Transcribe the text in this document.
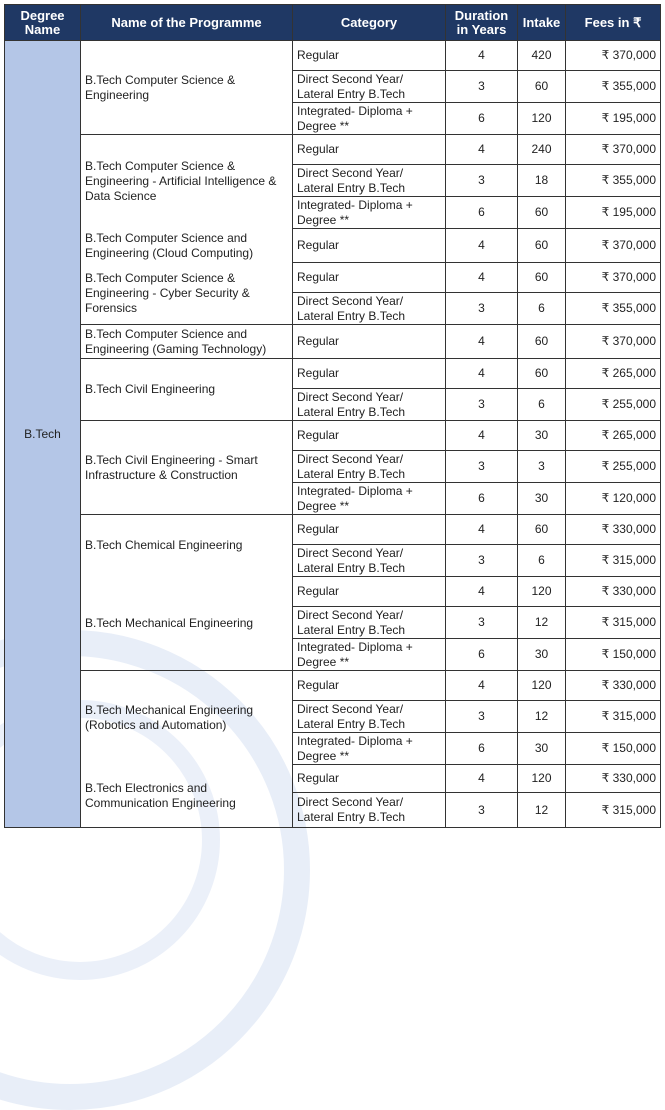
Degree Name	Name of the Programme	Category	Duration in Years	Intake	Fees in ₹
B.Tech	B.Tech Computer Science & Engineering	Regular	4	420	₹ 370,000
		Direct Second Year/ Lateral Entry B.Tech	3	60	₹ 355,000
		Integrated- Diploma + Degree **	6	120	₹ 195,000
	B.Tech Computer Science & Engineering - Artificial Intelligence & Data Science	Regular	4	240	₹ 370,000
		Direct Second Year/ Lateral Entry B.Tech	3	18	₹ 355,000
		Integrated- Diploma + Degree **	6	60	₹ 195,000
	B.Tech Computer Science and Engineering (Cloud Computing)	Regular	4	60	₹ 370,000
	B.Tech Computer Science & Engineering - Cyber Security & Forensics	Regular	4	60	₹ 370,000
		Direct Second Year/ Lateral Entry B.Tech	3	6	₹ 355,000
	B.Tech Computer Science and Engineering (Gaming Technology)	Regular	4	60	₹ 370,000
	B.Tech Civil Engineering	Regular	4	60	₹ 265,000
		Direct Second Year/ Lateral Entry B.Tech	3	6	₹ 255,000
	B.Tech Civil Engineering - Smart Infrastructure & Construction	Regular	4	30	₹ 265,000
		Direct Second Year/ Lateral Entry B.Tech	3	3	₹ 255,000
		Integrated- Diploma + Degree **	6	30	₹ 120,000
	B.Tech Chemical Engineering	Regular	4	60	₹ 330,000
		Direct Second Year/ Lateral Entry B.Tech	3	6	₹ 315,000
	B.Tech Mechanical Engineering	Regular	4	120	₹ 330,000
		Direct Second Year/ Lateral Entry B.Tech	3	12	₹ 315,000
		Integrated- Diploma + Degree **	6	30	₹ 150,000
	B.Tech Mechanical Engineering (Robotics and Automation)	Regular	4	120	₹ 330,000
		Direct Second Year/ Lateral Entry B.Tech	3	12	₹ 315,000
		Integrated- Diploma + Degree **	6	30	₹ 150,000
	B.Tech Electronics and Communication Engineering	Regular	4	120	₹ 330,000
		Direct Second Year/ Lateral Entry B.Tech	3	12	₹ 315,000
